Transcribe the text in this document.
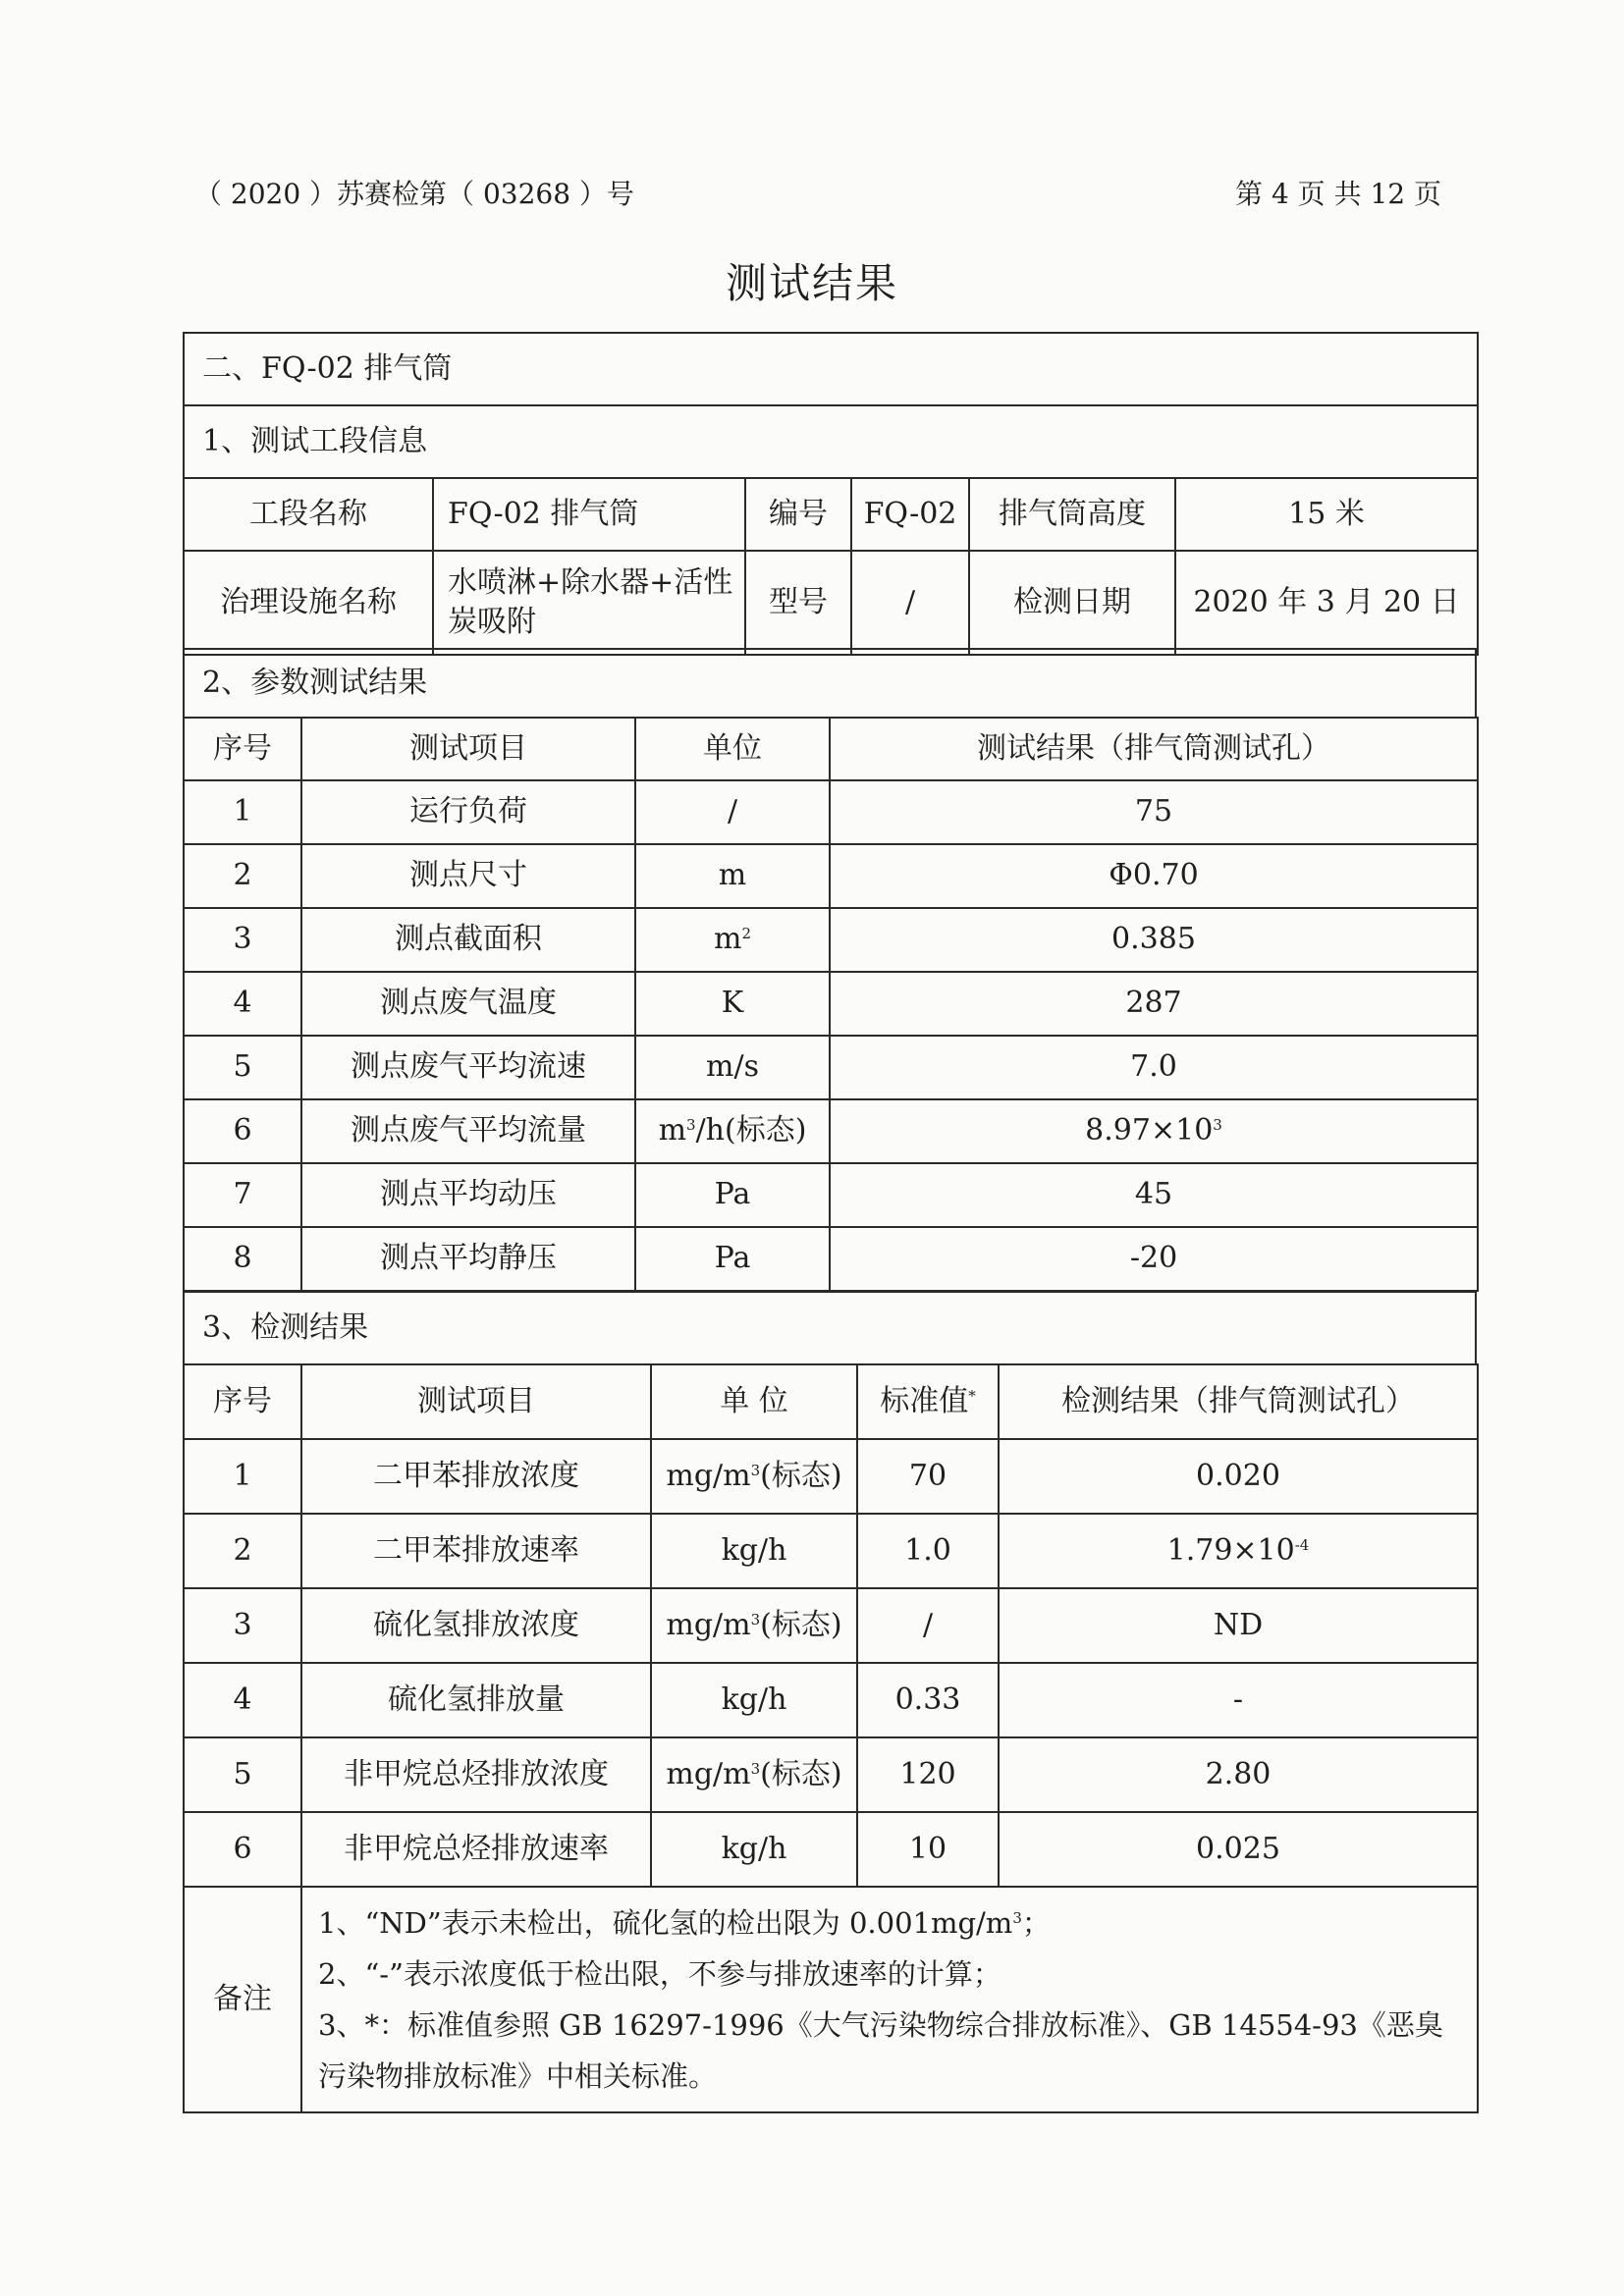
（ 2020 ）苏赛检第（ 03268 ）号	第 4 页 共 12 页
测试结果
二、FQ-02 排气筒					
1、测试工段信息					
工段名称	FQ-02 排气筒	编号	FQ-02	排气筒高度	15 米
治理设施名称	水喷淋+除水器+活性炭吸附	型号	/	检测日期	2020 年 3 月 20 日
2、参数测试结果
序号	测试项目	单位	测试结果（排气筒测试孔）
1	运行负荷	/	75
2	测点尺寸	m	Φ0.70
3	测点截面积	$m^2$	0.385
4	测点废气温度	K	287
5	测点废气平均流速	m/s	7.0
6	测点废气平均流量	$m^3/h$(标态)	$8.97\times 10^3$
7	测点平均动压	Pa	45
8	测点平均静压	Pa	-20
3、检测结果
序号	测试项目	单 位	标准值*	检测结果（排气筒测试孔）
1	二甲苯排放浓度	$mg/m^3$(标态)	70	0.020
2	二甲苯排放速率	kg/h	1.0	$1.79\times 10^{-4}$
3	硫化氢排放浓度	$mg/m^3$(标态)	/	ND
4	硫化氢排放量	kg/h	0.33	-
5	非甲烷总烃排放浓度	$mg/m^3$(标态)	120	2.80
6	非甲烷总烃排放速率	kg/h	10	0.025
备注	1、“ND”表示未检出，硫化氢的检出限为 $0.001mg/m^3$；
2、“-”表示浓度低于检出限，不参与排放速率的计算；
3、*：标准值参照 GB 16297-1996《大气污染物综合排放标准》、GB 14554-93《恶臭污染物排放标准》中相关标准。			
